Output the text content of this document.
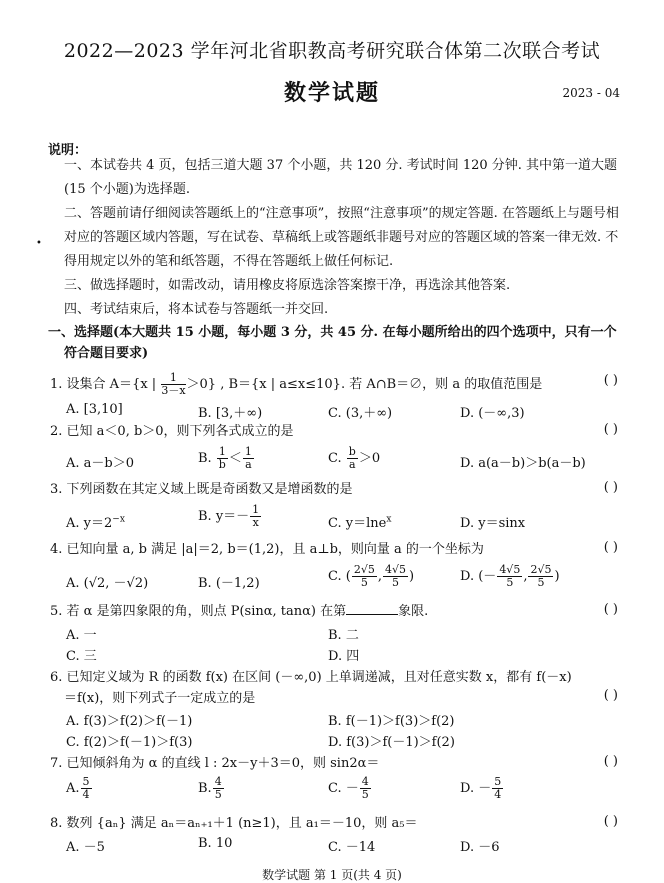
2022—2023 学年河北省职教高考研究联合体第二次联合考试
数学试题	2023 - 04
•
说明：

一、本试卷共 4 页，包括三道大题 37 个小题，共 120 分. 考试时间 120 分钟. 其中第一道大题(15 个小题)为选择题.

二、答题前请仔细阅读答题纸上的“注意事项”，按照“注意事项”的规定答题. 在答题纸上与题号相对应的答题区域内答题，写在试卷、草稿纸上或答题纸非题号对应的答题区域的答案一律无效. 不得用规定以外的笔和纸答题，不得在答题纸上做任何标记.

三、做选择题时，如需改动，请用橡皮将原选涂答案擦干净，再选涂其他答案.

四、考试结束后，将本试卷与答题纸一并交回.

一、选择题(本大题共 15 小题，每小题 3 分，共 45 分. 在每小题所给出的四个选项中，只有一个
符合题目要求)
1. 设集合 A＝{x | $\frac{1}{3-x} >0$} , B＝{x | a≤x≤10}. 若 A∩B＝∅，则 a 的取值范围是	( )
A. [3,10]	B. [3,＋∞)	C. (3,＋∞)	D. (－∞,3)
2. 已知 a＜0, b＞0，则下列各式成立的是	( )
A. a－b＞0	B. $\frac{1}{b} < \frac{1}{a}$	C. $\frac{b}{a} >0$	D. a(a－b)＞b(a－b)
3. 下列函数在其定义域上既是奇函数又是增函数的是	( )
A. $y=2^{-x}$	B. $y=- \frac{1}{x}$	C. y＝lne$^x$	D. y＝sinx
4. 已知向量 a, b 满足 |a|＝2, b＝(1,2)，且 a⊥b，则向量 a 的一个坐标为	( )
A. (√2, －√2)	B. (－1,2)	C. ( $\frac{2√5}{5}$ , $\frac{4√5}{5}$ )	D. (－ $\frac{4√5}{5}$ , $\frac{2√5}{5}$ )
5. 若 α 是第四象限的角，则点 P(sinα, tanα) 在第	象限.	( )
A. 一	B. 二
C. 三	D. 四
6. 已知定义域为 R 的函数 f(x) 在区间 (－∞,0) 上单调递减，且对任意实数 x，都有 f(－x)
＝f(x)，则下列式子一定成立的是	( )
A. f(3)＞f(2)＞f(－1)	B. f(－1)＞f(3)＞f(2)
C. f(2)＞f(－1)＞f(3)	D. f(3)＞f(－1)＞f(2)
7. 已知倾斜角为 α 的直线 l : 2x－y＋3＝0，则 sin2α＝	( )
A. $\frac{5}{4}$	B. $\frac{4}{5}$	C. － $\frac{4}{5}$	D. － $\frac{5}{4}$
8. 数列 {aₙ} 满足 aₙ＝aₙ₊₁＋1 (n≥1)，且 a₁＝－10，则 a₅＝	( )
A. －5	B. 10	C. －14	D. －6
数学试题 第 1 页(共 4 页)
